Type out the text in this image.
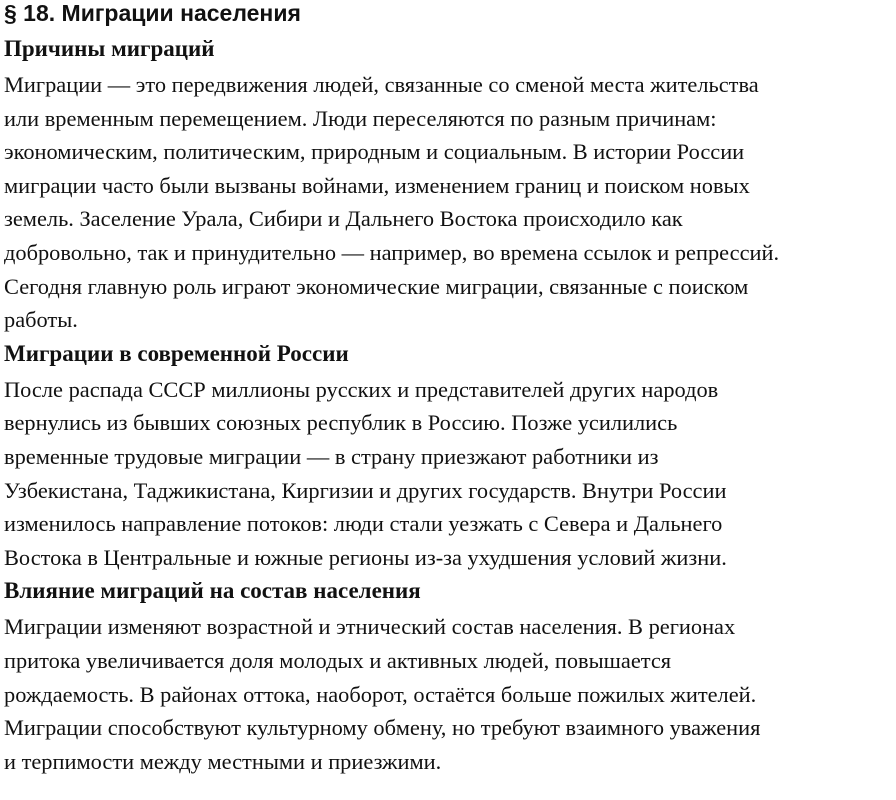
§ 18. Миграции населения
Причины миграций

Миграции — это передвижения людей, связанные со сменой места жительства
или временным перемещением. Люди переселяются по разным причинам:
экономическим, политическим, природным и социальным. В истории России
миграции часто были вызваны войнами, изменением границ и поиском новых
земель. Заселение Урала, Сибири и Дальнего Востока происходило как
добровольно, так и принудительно — например, во времена ссылок и репрессий.
Сегодня главную роль играют экономические миграции, связанные с поиском
работы.

Миграции в современной России

После распада СССР миллионы русских и представителей других народов
вернулись из бывших союзных республик в Россию. Позже усилились
временные трудовые миграции — в страну приезжают работники из
Узбекистана, Таджикистана, Киргизии и других государств. Внутри России
изменилось направление потоков: люди стали уезжать с Севера и Дальнего
Востока в Центральные и южные регионы из-за ухудшения условий жизни.

Влияние миграций на состав населения

Миграции изменяют возрастной и этнический состав населения. В регионах
притока увеличивается доля молодых и активных людей, повышается
рождаемость. В районах оттока, наоборот, остаётся больше пожилых жителей.
Миграции способствуют культурному обмену, но требуют взаимного уважения
и терпимости между местными и приезжими.
